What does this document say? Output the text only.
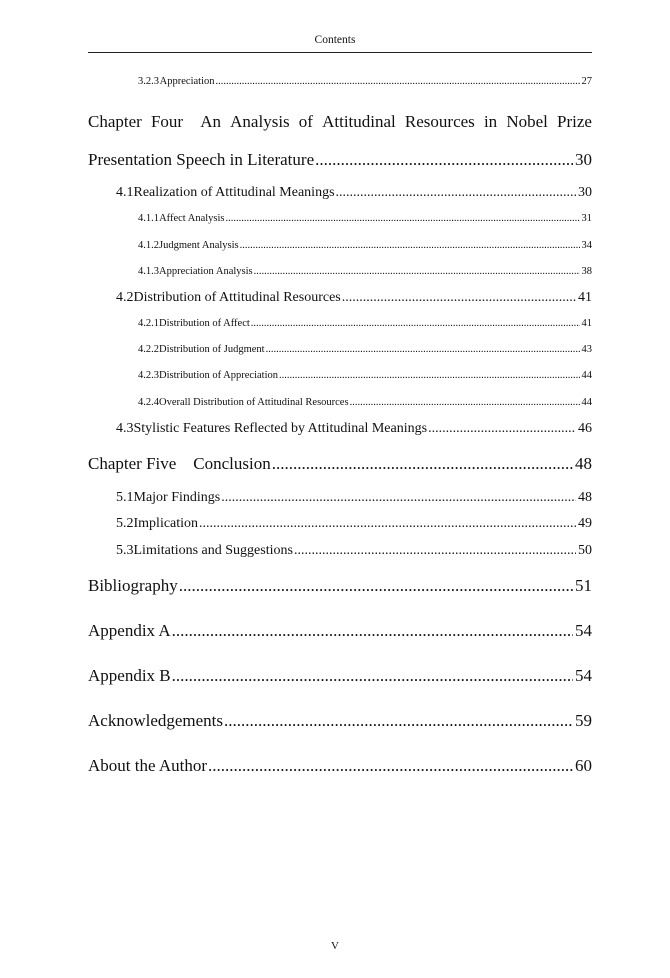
Contents
3.2.3 Appreciation .....	27
Chapter Four An Analysis of Attitudinal Resources in Nobel Prize
Presentation Speech in Literature .....	30
4.1 Realization of Attitudinal Meanings .....	30
4.1.1 Affect Analysis .....	31
4.1.2 Judgment Analysis .....	34
4.1.3 Appreciation Analysis .....	38
4.2 Distribution of Attitudinal Resources .....	41
4.2.1 Distribution of Affect .....	41
4.2.2 Distribution of Judgment .....	43
4.2.3 Distribution of Appreciation .....	44
4.2.4 Overall Distribution of Attitudinal Resources .....	44
4.3 Stylistic Features Reflected by Attitudinal Meanings .....	46
Chapter Five    Conclusion .....	48
5.1 Major Findings .....	48
5.2 Implication .....	49
5.3 Limitations and Suggestions .....	50
Bibliography .....	51
Appendix A .....	54
Appendix B .....	54
Acknowledgements .....	59
About the Author .....	60
V
